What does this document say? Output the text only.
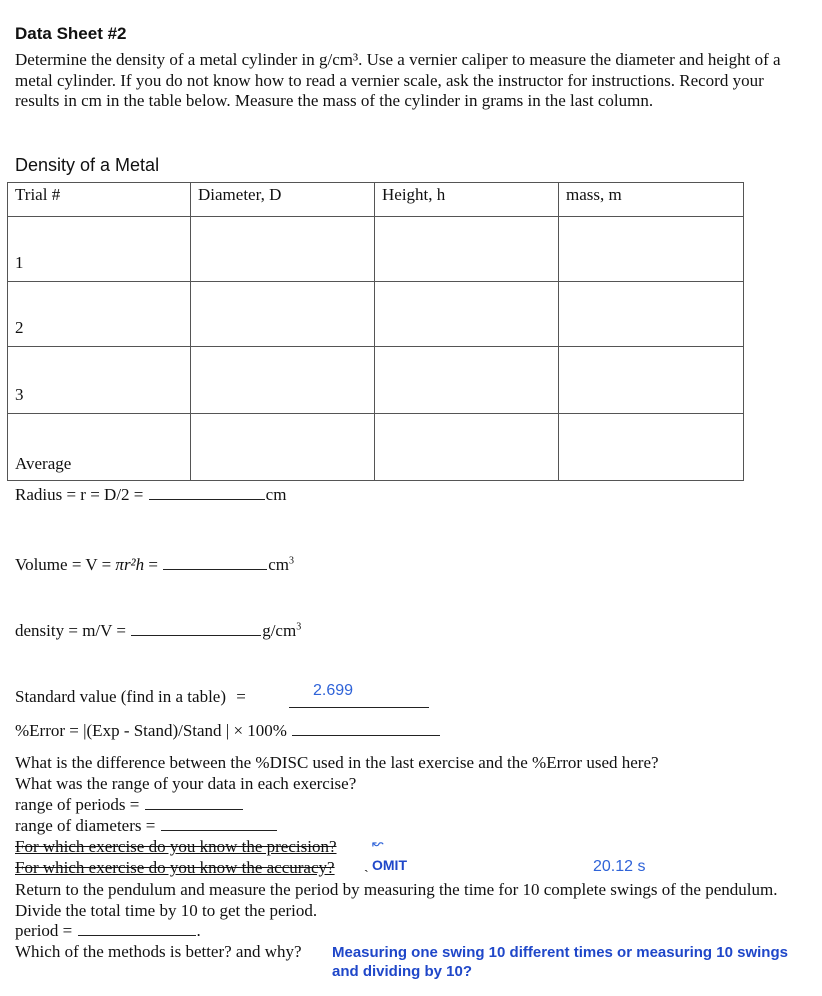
Data Sheet #2
Determine the density of a metal cylinder in g/cm³. Use a vernier caliper to measure the diameter and height of a metal cylinder. If you do not know how to read a vernier scale, ask the instructor for instructions. Record your results in cm in the table below. Measure the mass of the cylinder in grams in the last column.
Density of a Metal
Trial #	Diameter, D	Height, h	mass, m

1			

2			

3			

Average			

Radius = r = D/2 =	cm
Volume = V = πr²h =	$cm^3$
density = m/V =	$g/cm^3$
Standard value (find in a table) =	2.699
%Error = |(Exp - Stand)/Stand | × 100%
What is the difference between the %DISC used in the last exercise and the %Error used here?
What was the range of your data in each exercise?
range of periods =
range of diameters =
For which exercise do you know the precision?	↜
For which exercise do you know the accuracy? ˏ OMIT	20.12 s
Return to the pendulum and measure the period by measuring the time for 10 complete swings of the pendulum. Divide the total time by 10 to get the period.
period =	.
Which of the methods is better? and why? Measuring one swing 10 different times or measuring 10 swings
and dividing by 10?
